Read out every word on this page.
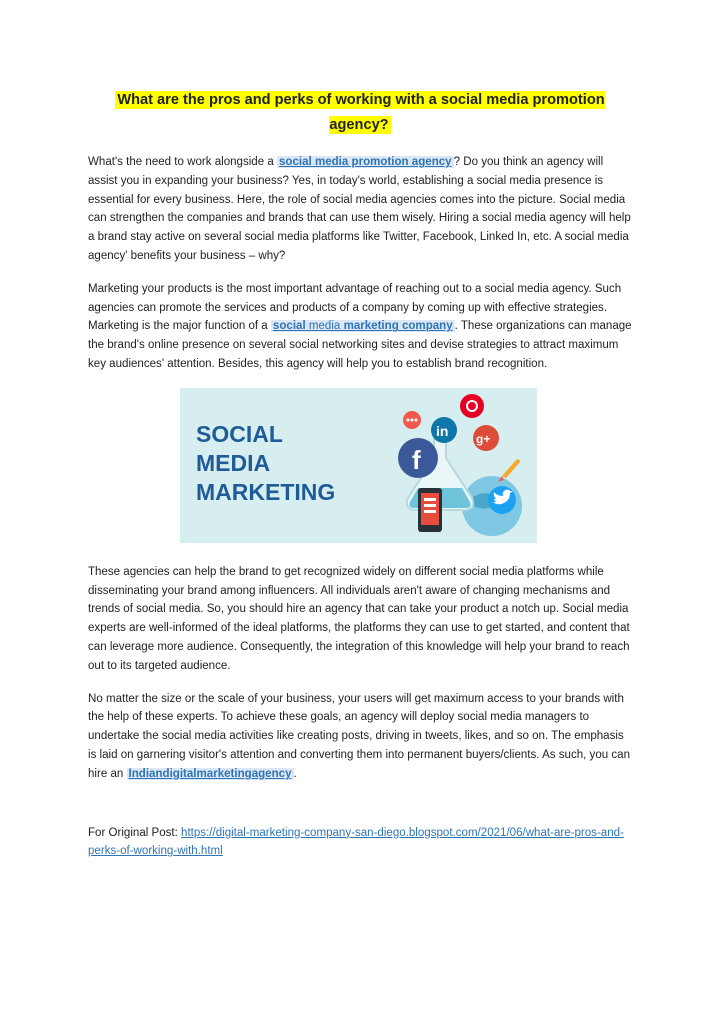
What are the pros and perks of working with a social media promotion agency?

What's the need to work alongside a social media promotion agency ? Do you think an agency will assist you in expanding your business? Yes, in today's world, establishing a social media presence is essential for every business. Here, the role of social media agencies comes into the picture. Social media can strengthen the companies and brands that can use them wisely. Hiring a social media agency will help a brand stay active on several social media platforms like Twitter, Facebook, Linked In, etc. A social media agency' benefits your business – why?

Marketing your products is the most important advantage of reaching out to a social media agency. Such agencies can promote the services and products of a company by coming up with effective strategies. Marketing is the major function of a social media marketing company . These organizations can manage the brand's online presence on several social networking sites and devise strategies to attract maximum key audiences' attention. Besides, this agency will help you to establish brand recognition.

SOCIAL
MEDIA
MARKETING
f
in g+

These agencies can help the brand to get recognized widely on different social media platforms while disseminating your brand among influencers. All individuals aren't aware of changing mechanisms and trends of social media. So, you should hire an agency that can take your product a notch up. Social media experts are well-informed of the ideal platforms, the platforms they can use to get started, and content that can leverage more audience. Consequently, the integration of this knowledge will help your brand to reach out to its targeted audience.

No matter the size or the scale of your business, your users will get maximum access to your brands with the help of these experts. To achieve these goals, an agency will deploy social media managers to undertake the social media activities like creating posts, driving in tweets, likes, and so on. The emphasis is laid on garnering visitor's attention and converting them into permanent buyers/clients. As such, you can hire an Indiandigitalmarketingagency .

For Original Post: https://digital-marketing-company-san-diego.blogspot.com/2021/06/what-are-pros-and-perks-of-working-with.html
